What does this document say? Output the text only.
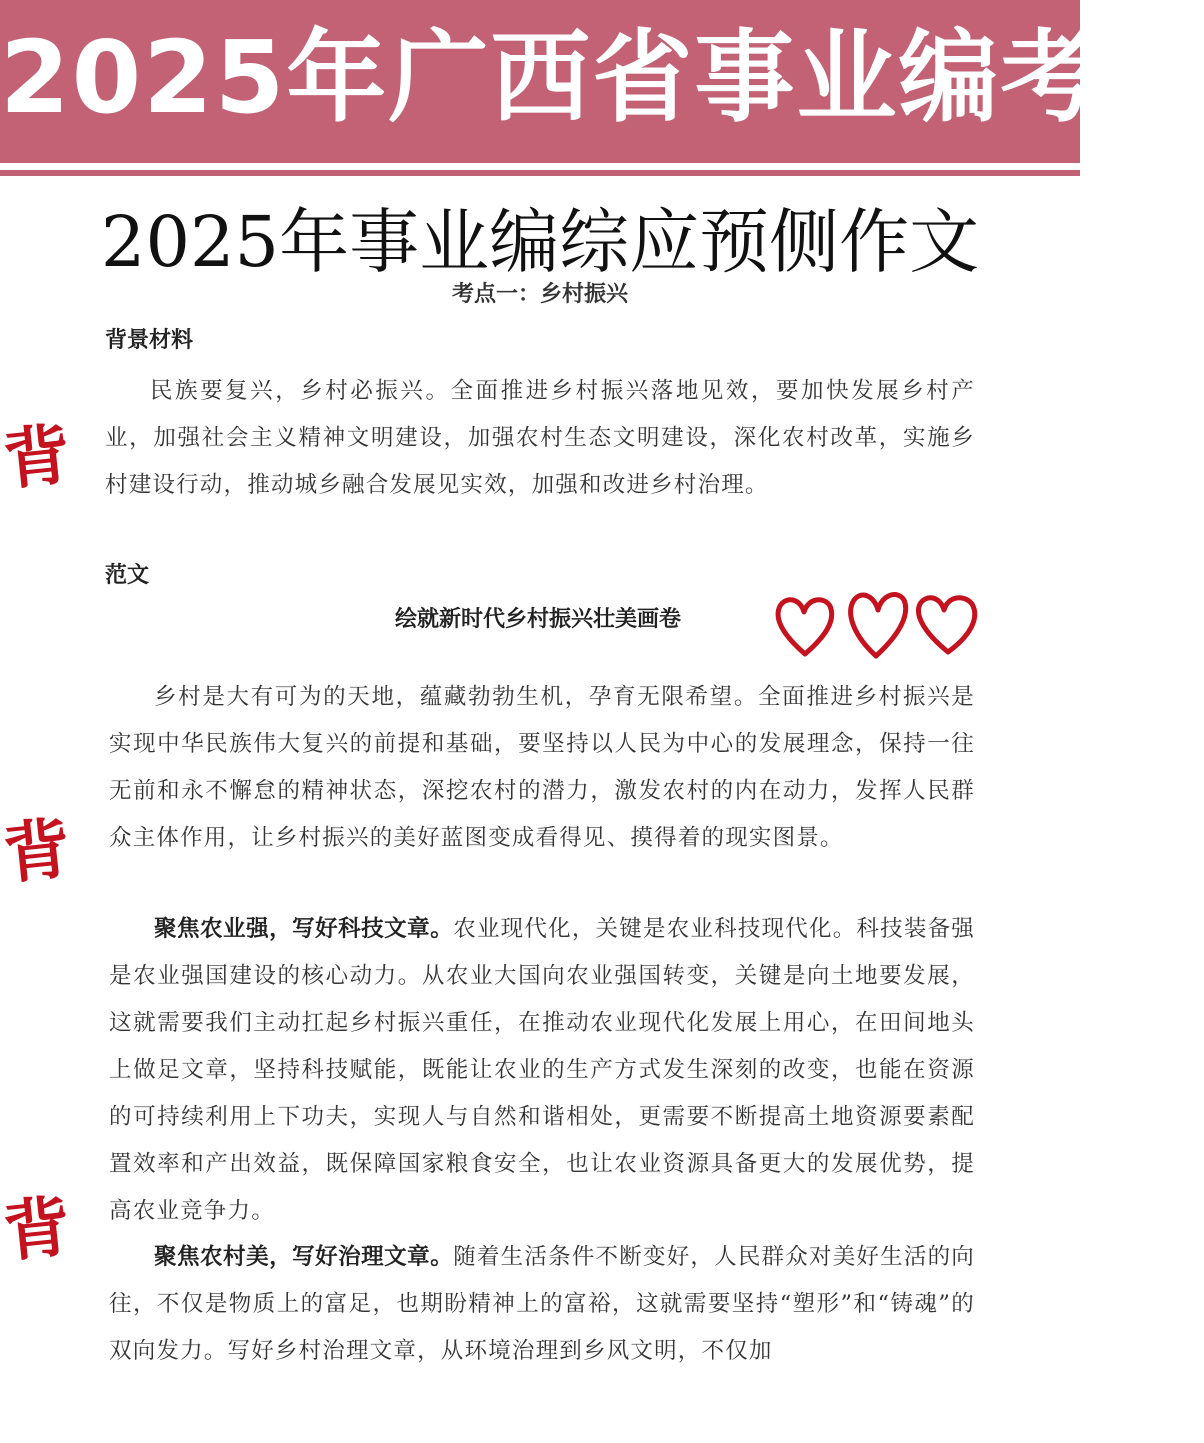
2025年广西省事业编考试
2025年事业编综应预侧作文
考点一：乡村振兴
背景材料

民族要复兴，乡村必振兴。全面推进乡村振兴落地见效，要加快发展乡村产业，加强社会主义精神文明建设，加强农村生态文明建设，深化农村改革，实施乡村建设行动，推动城乡融合发展见实效，加强和改进乡村治理。

范文
绘就新时代乡村振兴壮美画卷

乡村是大有可为的天地，蕴藏勃勃生机，孕育无限希望。全面推进乡村振兴是实现中华民族伟大复兴的前提和基础，要坚持以人民为中心的发展理念，保持一往无前和永不懈怠的精神状态，深挖农村的潜力，激发农村的内在动力，发挥人民群众主体作用，让乡村振兴的美好蓝图变成看得见、摸得着的现实图景。

聚焦农业强，写好科技文章。农业现代化，关键是农业科技现代化。科技装备强是农业强国建设的核心动力。从农业大国向农业强国转变，关键是向土地要发展，这就需要我们主动扛起乡村振兴重任，在推动农业现代化发展上用心，在田间地头上做足文章，坚持科技赋能，既能让农业的生产方式发生深刻的改变，也能在资源的可持续利用上下功夫，实现人与自然和谐相处，更需要不断提高土地资源要素配置效率和产出效益，既保障国家粮食安全，也让农业资源具备更大的发展优势，提高农业竞争力。

聚焦农村美，写好治理文章。随着生活条件不断变好，人民群众对美好生活的向往，不仅是物质上的富足，也期盼精神上的富裕，这就需要坚持“塑形”和“铸魂”的双向发力。写好乡村治理文章，从环境治理到乡风文明，不仅加

背
背
背
